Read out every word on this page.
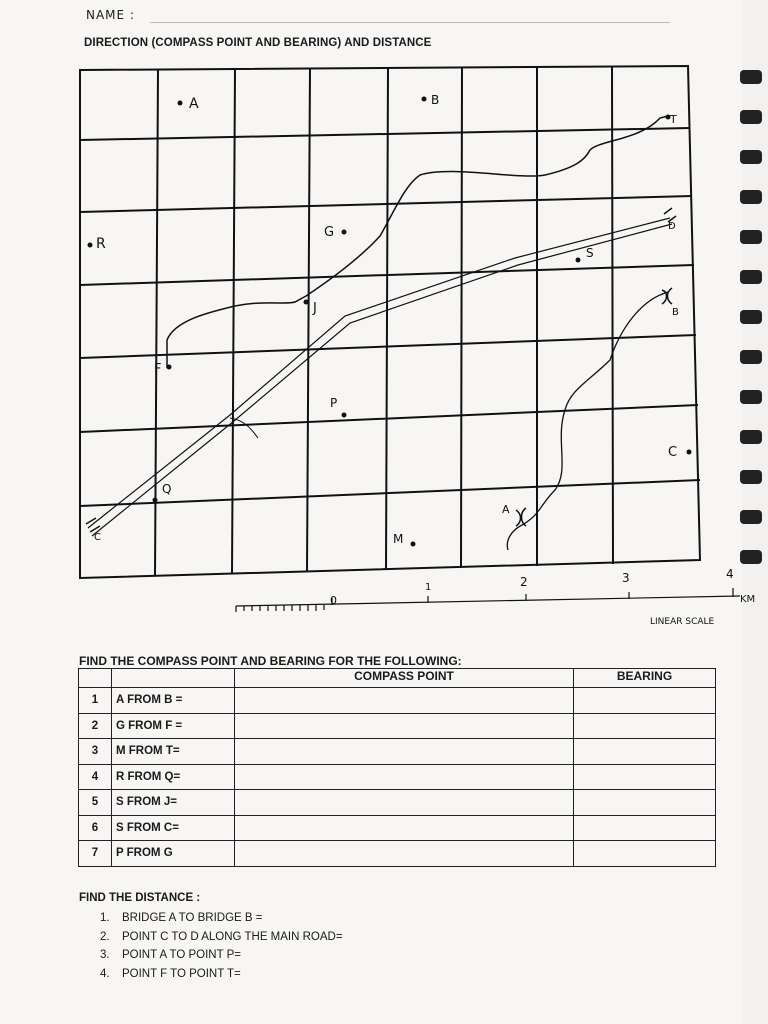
NAME :
DIRECTION (COMPASS POINT AND BEARING) AND DISTANCE
A	B
T
R
G	D
S
J	B
F
P
C
Q
A
M
C
0
1	2	3	4
KM
LINEAR SCALE
FIND THE COMPASS POINT AND BEARING FOR THE FOLLOWING:
		COMPASS POINT	BEARING
1	A FROM B =		
2	G FROM F =		
3	M FROM T=		
4	R FROM Q=		
5	S FROM J=		
6	S FROM C=		
7	P FROM G		
FIND THE DISTANCE :
1. BRIDGE A TO BRIDGE B =
2. POINT C TO D ALONG THE MAIN ROAD=
3. POINT A TO POINT P=
4. POINT F TO POINT T=
